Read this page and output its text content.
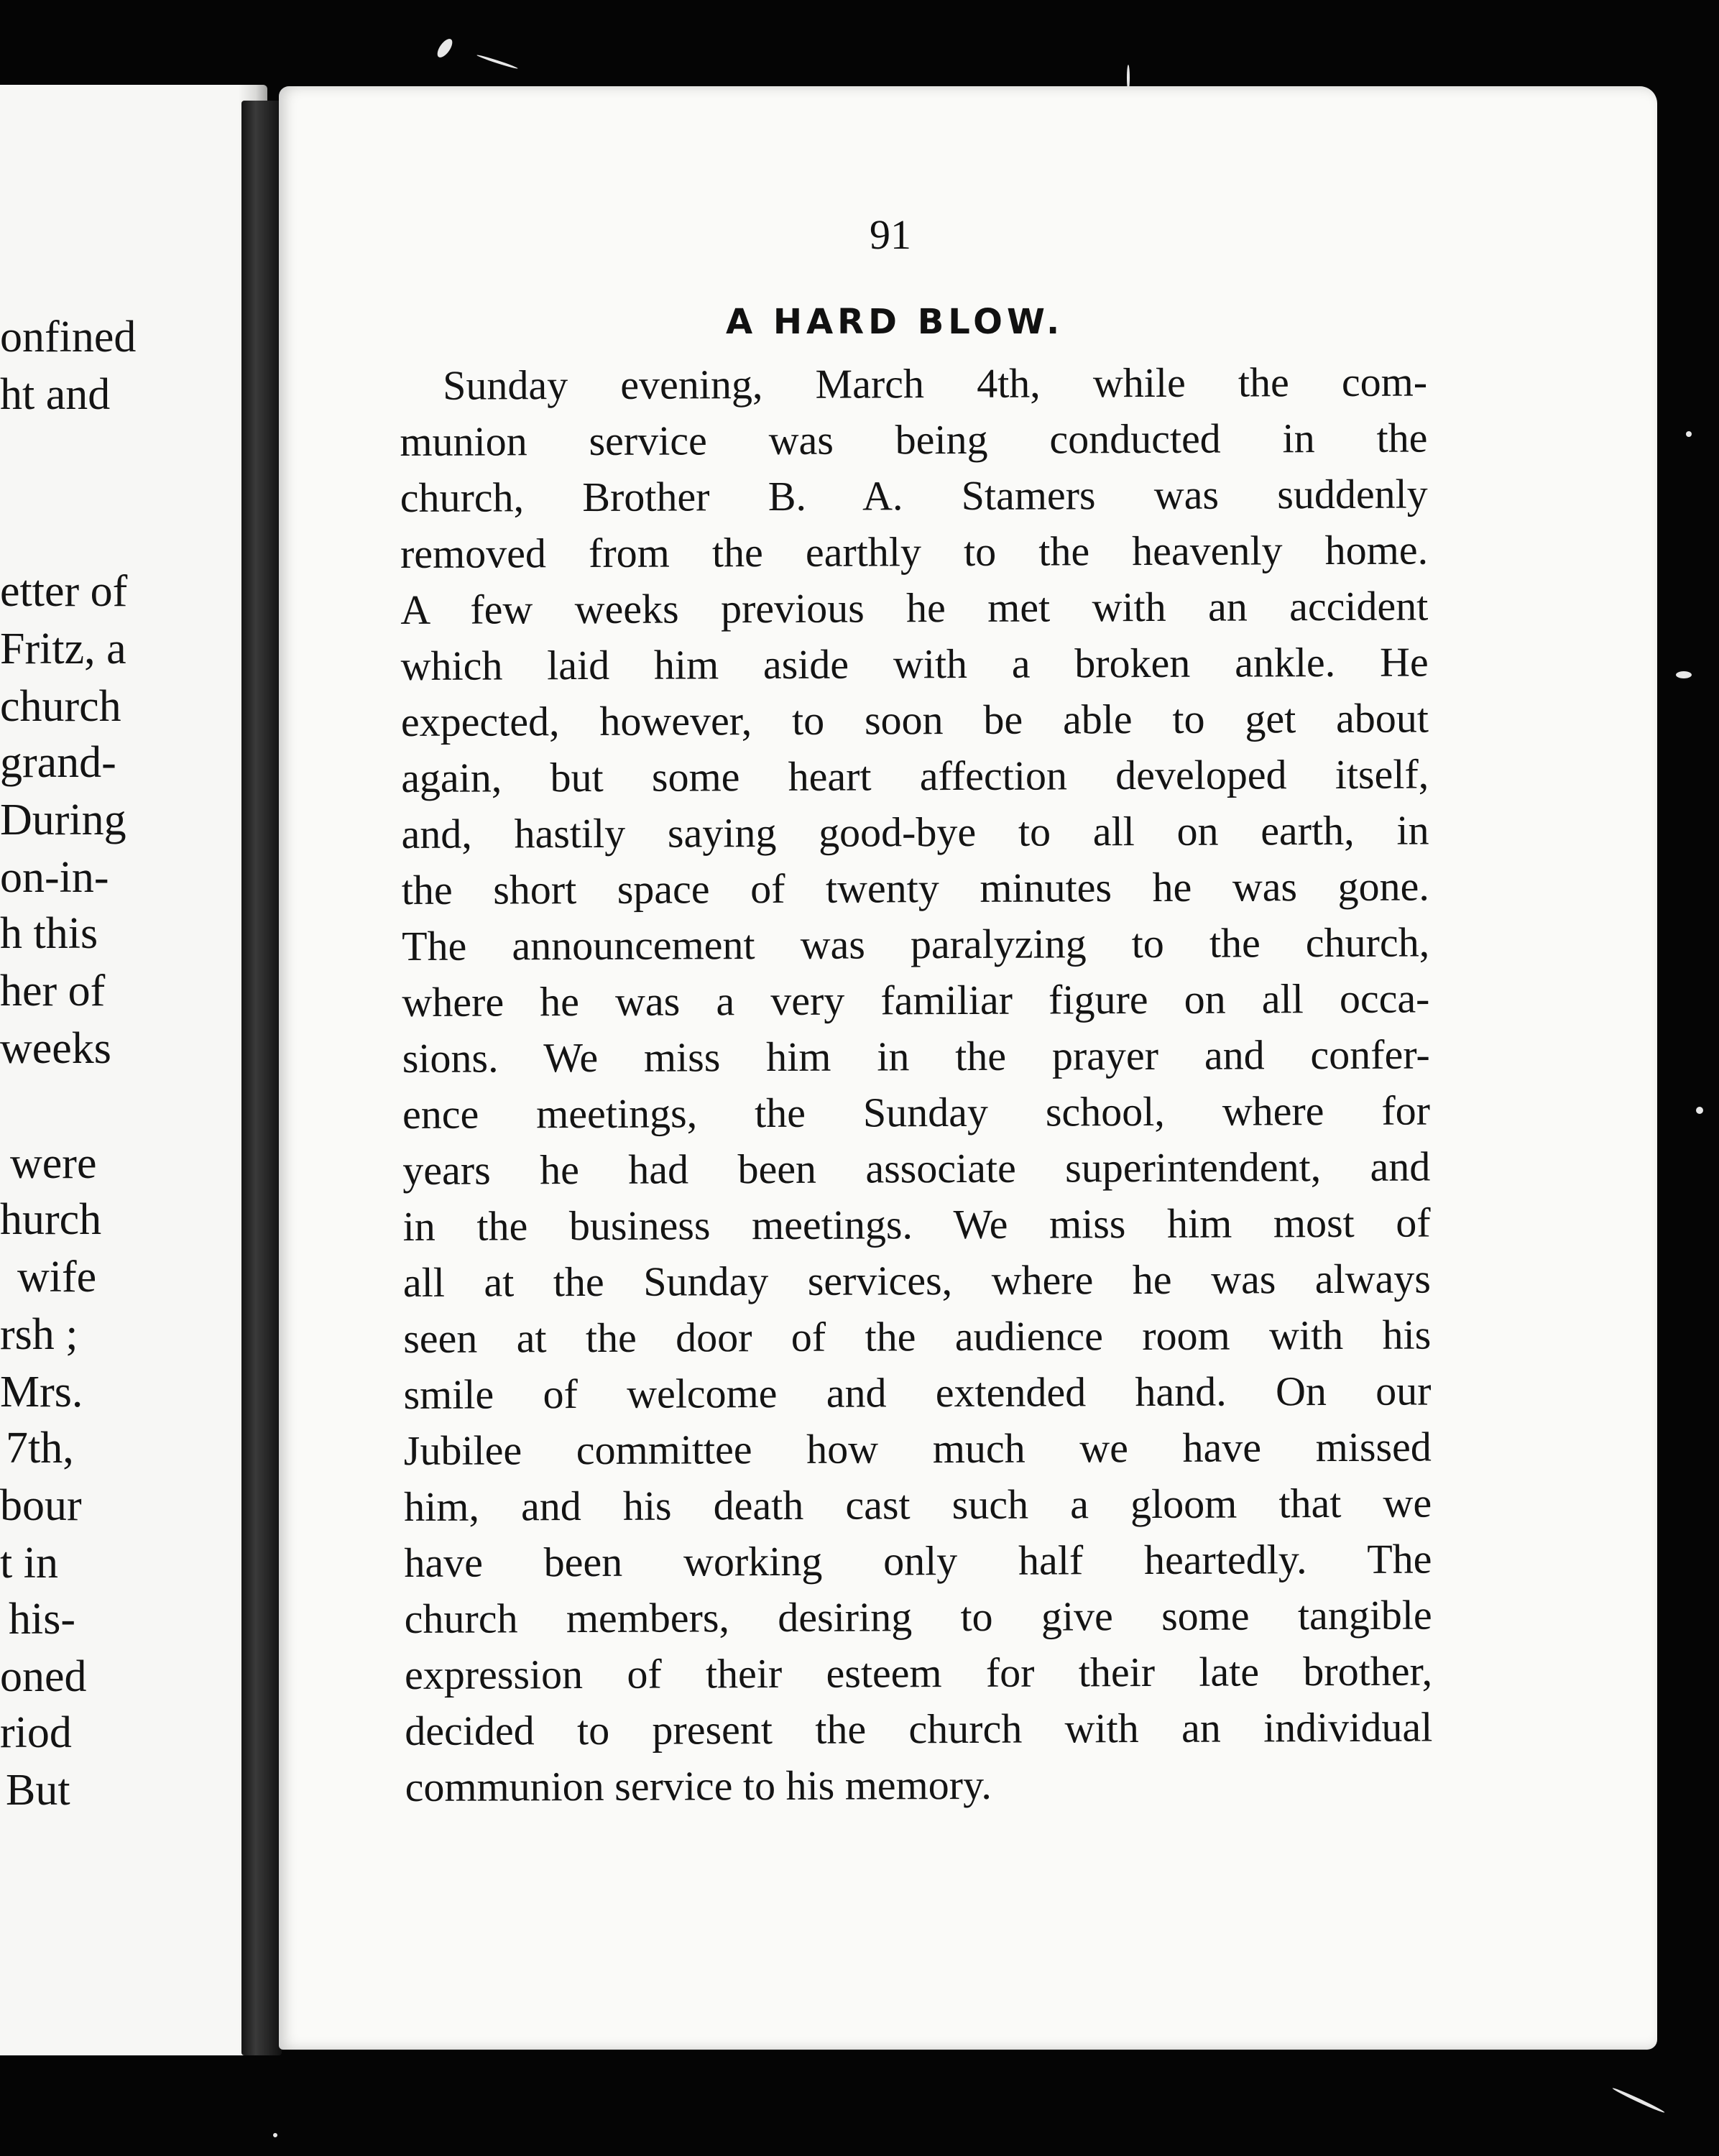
onfined
ht and
etter of
Fritz, a
church
grand-
During
on-in-
h this
her of
weeks
were
hurch
wife
rsh ;
Mrs.
7th,
bour
t in
his-
oned
riod
But
91
A HARD BLOW.
Sunday evening, March 4th, while the com-
munion service was being conducted in the
church, Brother B. A. Stamers was suddenly
removed from the earthly to the heavenly home.
A few weeks previous he met with an accident
which laid him aside with a broken ankle. He
expected, however, to soon be able to get about
again, but some heart affection developed itself,
and, hastily saying good-bye to all on earth, in
the short space of twenty minutes he was gone.
The announcement was paralyzing to the church,
where he was a very familiar figure on all occa-
sions. We miss him in the prayer and confer-
ence meetings, the Sunday school, where for
years he had been associate superintendent, and
in the business meetings. We miss him most of
all at the Sunday services, where he was always
seen at the door of the audience room with his
smile of welcome and extended hand. On our
Jubilee committee how much we have missed
him, and his death cast such a gloom that we
have been working only half heartedly. The
church members, desiring to give some tangible
expression of their esteem for their late brother,
decided to present the church with an individual
communion service to his memory.
